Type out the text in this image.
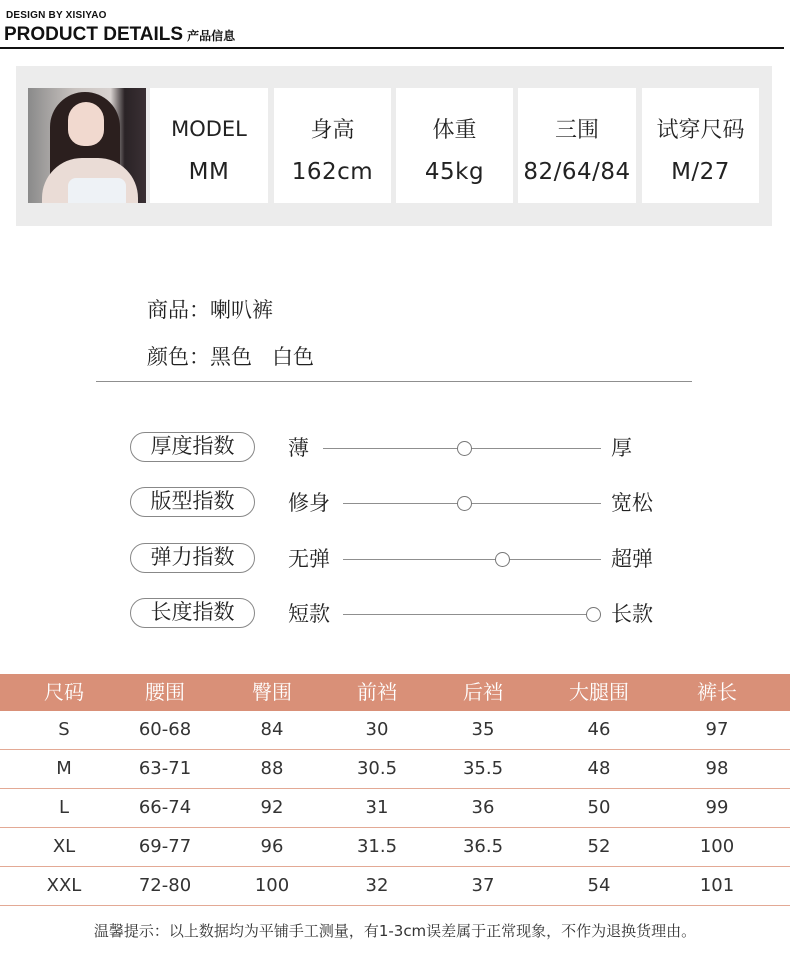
DESIGN BY XISIYAO
PRODUCT DETAILS 产品信息
MODEL
MM
身高
162cm
体重
45kg
三围
82/64/84
试穿尺码
M/27
商品：喇叭裤
颜色：黑色   白色
厚度指数	薄	厚
版型指数	修身	宽松
弹力指数	无弹	超弹
长度指数	短款	长款
尺码	腰围	臀围	前裆	后裆	大腿围	裤长
S	60-68	84	30	35	46	97
M	63-71	88	30.5	35.5	48	98
L	66-74	92	31	36	50	99
XL	69-77	96	31.5	36.5	52	100
XXL	72-80	100	32	37	54	101
温馨提示：以上数据均为平铺手工测量，有1-3cm误差属于正常现象，不作为退换货理由。
